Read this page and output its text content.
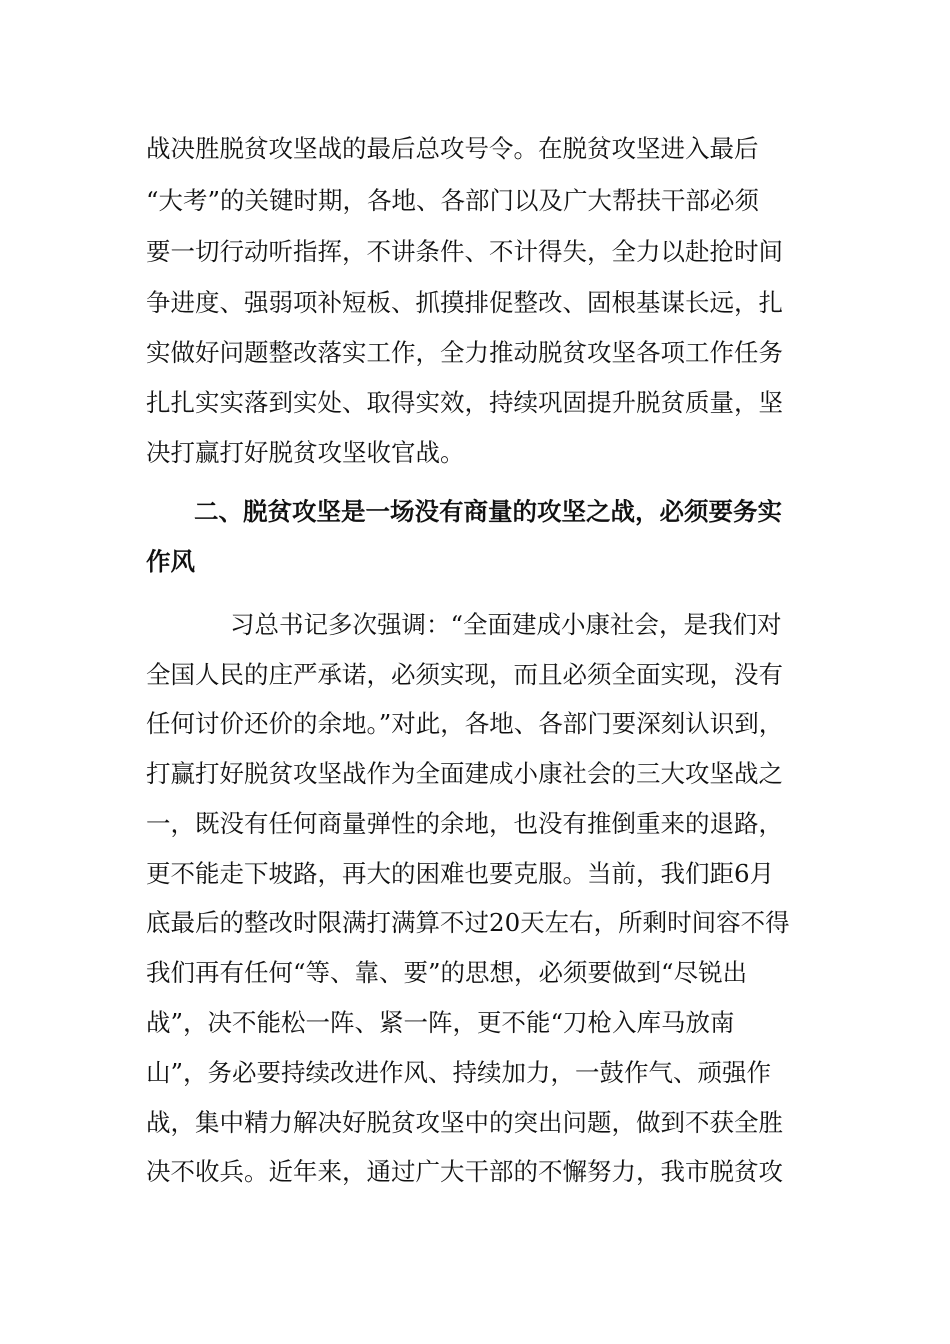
战决胜脱贫攻坚战的最后总攻号令。在脱贫攻坚进入最后
“大考”的关键时期，各地、各部门以及广大帮扶干部必须
要一切行动听指挥，不讲条件、不计得失，全力以赴抢时间
争进度、强弱项补短板、抓摸排促整改、固根基谋长远，扎
实做好问题整改落实工作，全力推动脱贫攻坚各项工作任务
扎扎实实落到实处、取得实效，持续巩固提升脱贫质量，坚
决打赢打好脱贫攻坚收官战。
二、脱贫攻坚是一场没有商量的攻坚之战，必须要务实
作风
习总书记多次强调：“全面建成小康社会，是我们对
全国人民的庄严承诺，必须实现，而且必须全面实现，没有
任何讨价还价的余地。”对此，各地、各部门要深刻认识到，
打赢打好脱贫攻坚战作为全面建成小康社会的三大攻坚战之
一，既没有任何商量弹性的余地，也没有推倒重来的退路，
更不能走下坡路，再大的困难也要克服。当前，我们距6月
底最后的整改时限满打满算不过20天左右，所剩时间容不得
我们再有任何“等、靠、要”的思想，必须要做到“尽锐出
战”，决不能松一阵、紧一阵，更不能“刀枪入库马放南
山”，务必要持续改进作风、持续加力，一鼓作气、顽强作
战，集中精力解决好脱贫攻坚中的突出问题，做到不获全胜
决不收兵。近年来，通过广大干部的不懈努力，我市脱贫攻
